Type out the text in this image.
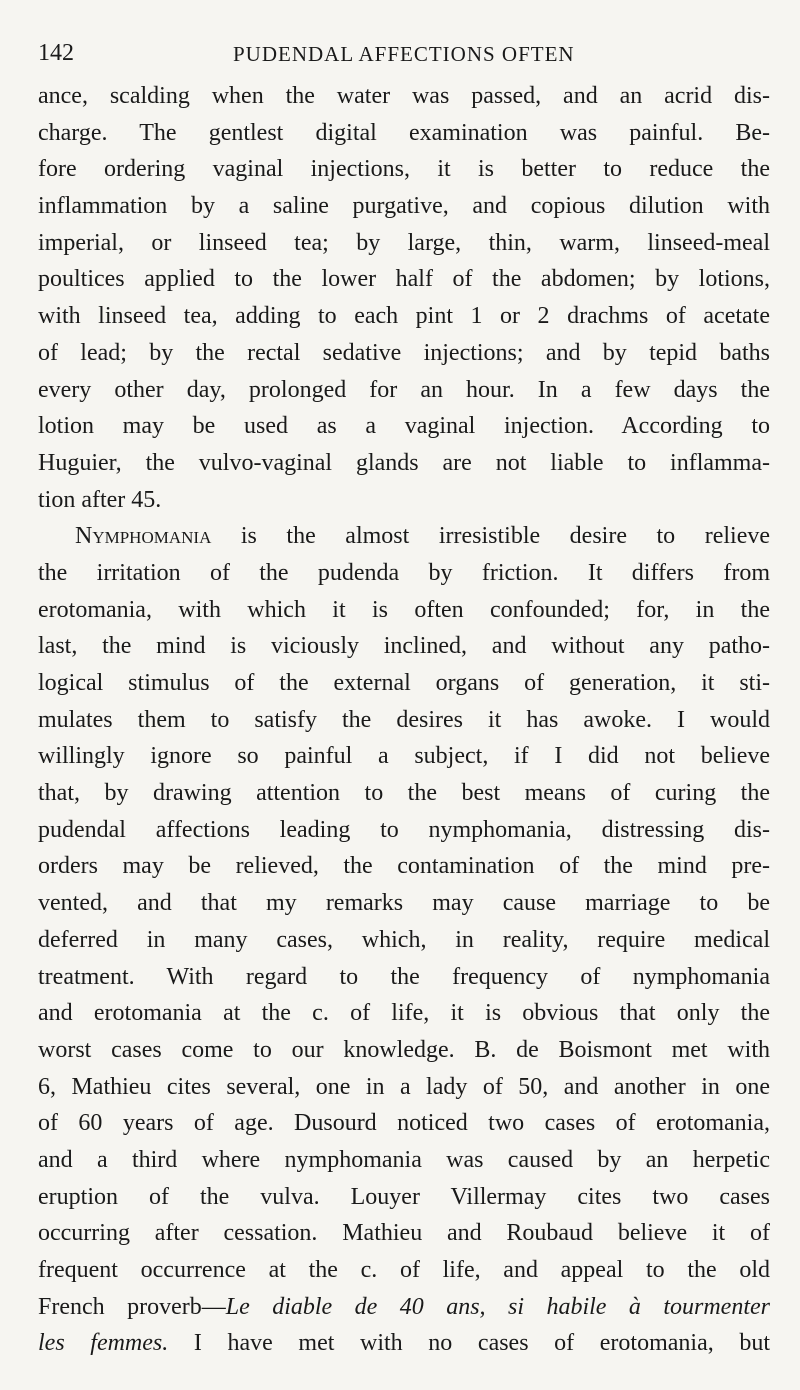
142	PUDENDAL AFFECTIONS OFTEN
ance, scalding when the water was passed, and an acrid dis-
charge. The gentlest digital examination was painful. Be-
fore ordering vaginal injections, it is better to reduce the
inflammation by a saline purgative, and copious dilution with
imperial, or linseed tea; by large, thin, warm, linseed-meal
poultices applied to the lower half of the abdomen; by lotions,
with linseed tea, adding to each pint 1 or 2 drachms of acetate
of lead; by the rectal sedative injections; and by tepid baths
every other day, prolonged for an hour. In a few days the
lotion may be used as a vaginal injection. According to
Huguier, the vulvo-vaginal glands are not liable to inflamma-
tion after 45.
Nymphomania is the almost irresistible desire to relieve
the irritation of the pudenda by friction. It differs from
erotomania, with which it is often confounded; for, in the
last, the mind is viciously inclined, and without any patho-
logical stimulus of the external organs of generation, it sti-
mulates them to satisfy the desires it has awoke. I would
willingly ignore so painful a subject, if I did not believe
that, by drawing attention to the best means of curing the
pudendal affections leading to nymphomania, distressing dis-
orders may be relieved, the contamination of the mind pre-
vented, and that my remarks may cause marriage to be
deferred in many cases, which, in reality, require medical
treatment. With regard to the frequency of nymphomania
and erotomania at the c. of life, it is obvious that only the
worst cases come to our knowledge. B. de Boismont met with
6, Mathieu cites several, one in a lady of 50, and another in one
of 60 years of age. Dusourd noticed two cases of erotomania,
and a third where nymphomania was caused by an herpetic
eruption of the vulva. Louyer Villermay cites two cases
occurring after cessation. Mathieu and Roubaud believe it of
frequent occurrence at the c. of life, and appeal to the old
French proverb—Le diable de 40 ans, si habile à tourmenter
les femmes. I have met with no cases of erotomania, but
